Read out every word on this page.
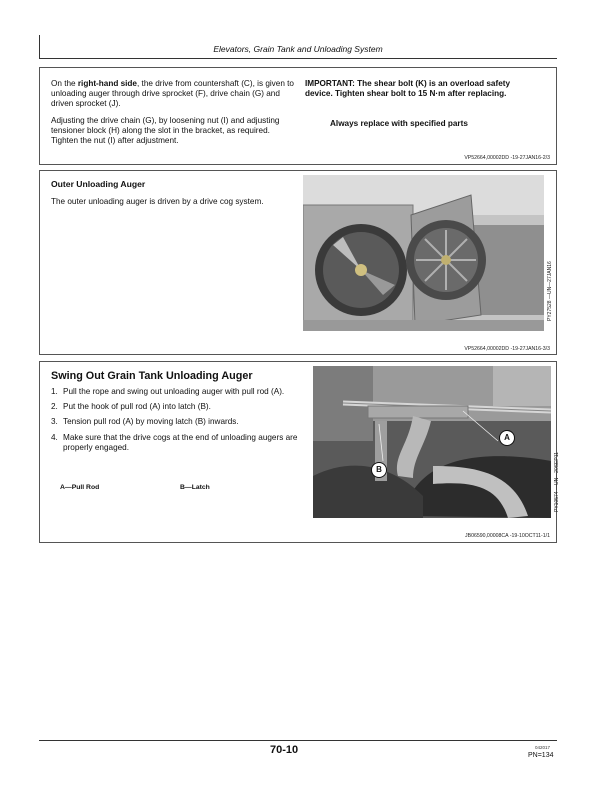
Elevators, Grain Tank and Unloading System
On the right-hand side, the drive from countershaft (C), is given to unloading auger through drive sprocket (F), drive chain (G) and driven sprocket (J).
Adjusting the drive chain (G), by loosening nut (I) and adjusting tensioner block (H) along the slot in the bracket, as required. Tighten the nut (I) after adjustment.
IMPORTANT: The shear bolt (K) is an overload safety device. Tighten shear bolt to 15 N·m after replacing.
Always replace with specified parts
VP52664,00002DD -19-27JAN16-2/3
Outer Unloading Auger
The outer unloading auger is driven by a drive cog system.
PY27528 —UN—27JAN16
VP52664,00002DD -19-27JAN16-3/3
Swing Out Grain Tank Unloading Auger
1. Pull the rope and swing out unloading auger with pull rod (A).
2. Put the hook of pull rod (A) into latch (B).
3. Tension pull rod (A) by moving latch (B) inwards.
4. Make sure that the drive cogs at the end of unloading augers are properly engaged.
A—Pull Rod	B—Latch
A
B	PY10574 —UN—20SEP11
JB06590,00008CA -19-10OCT11-1/1
70-10	042017
PN=134
